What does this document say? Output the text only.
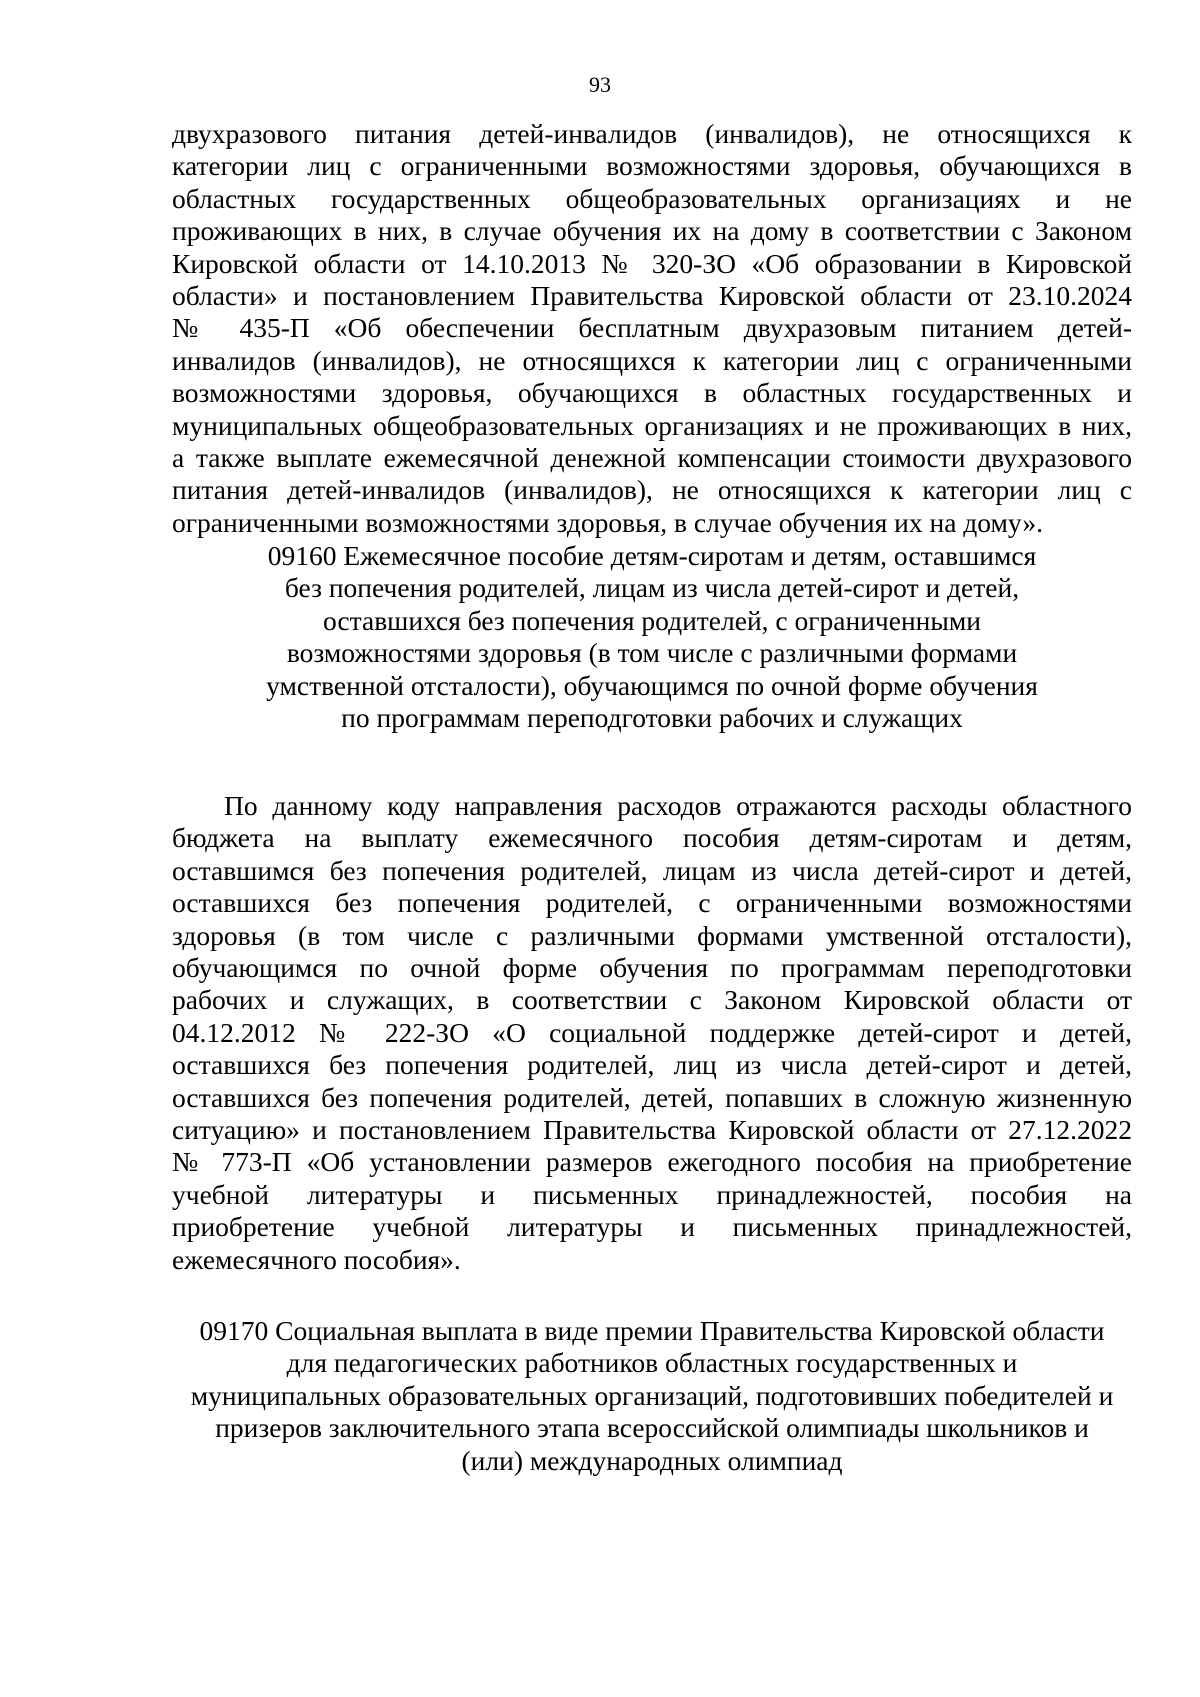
93
двухразового питания детей-инвалидов (инвалидов), не относящихся к
категории лиц с ограниченными возможностями здоровья, обучающихся в
областных государственных общеобразовательных организациях и не
проживающих в них, в случае обучения их на дому в соответствии с Законом
Кировской области от 14.10.2013 № 320-ЗО «Об образовании в Кировской
области» и постановлением Правительства Кировской области от 23.10.2024
№ 435-П «Об обеспечении бесплатным двухразовым питанием детей-
инвалидов (инвалидов), не относящихся к категории лиц с ограниченными
возможностями здоровья, обучающихся в областных государственных и
муниципальных общеобразовательных организациях и не проживающих в них,
а также выплате ежемесячной денежной компенсации стоимости двухразового
питания детей-инвалидов (инвалидов), не относящихся к категории лиц с
ограниченными возможностями здоровья, в случае обучения их на дому».
09160 Ежемесячное пособие детям-сиротам и детям, оставшимся
без попечения родителей, лицам из числа детей-сирот и детей,
оставшихся без попечения родителей, с ограниченными
возможностями здоровья (в том числе с различными формами
умственной отсталости), обучающимся по очной форме обучения
по программам переподготовки рабочих и служащих
По данному коду направления расходов отражаются расходы областного
бюджета на выплату ежемесячного пособия детям-сиротам и детям,
оставшимся без попечения родителей, лицам из числа детей-сирот и детей,
оставшихся без попечения родителей, с ограниченными возможностями
здоровья (в том числе с различными формами умственной отсталости),
обучающимся по очной форме обучения по программам переподготовки
рабочих и служащих, в соответствии с Законом Кировской области от
04.12.2012 № 222-ЗО «О социальной поддержке детей-сирот и детей,
оставшихся без попечения родителей, лиц из числа детей-сирот и детей,
оставшихся без попечения родителей, детей, попавших в сложную жизненную
ситуацию» и постановлением Правительства Кировской области от 27.12.2022
№ 773-П «Об установлении размеров ежегодного пособия на приобретение
учебной литературы и письменных принадлежностей, пособия на
приобретение учебной литературы и письменных принадлежностей,
ежемесячного пособия».
09170 Социальная выплата в виде премии Правительства Кировской области
для педагогических работников областных государственных и
муниципальных образовательных организаций, подготовивших победителей и
призеров заключительного этапа всероссийской олимпиады школьников и
(или) международных олимпиад
